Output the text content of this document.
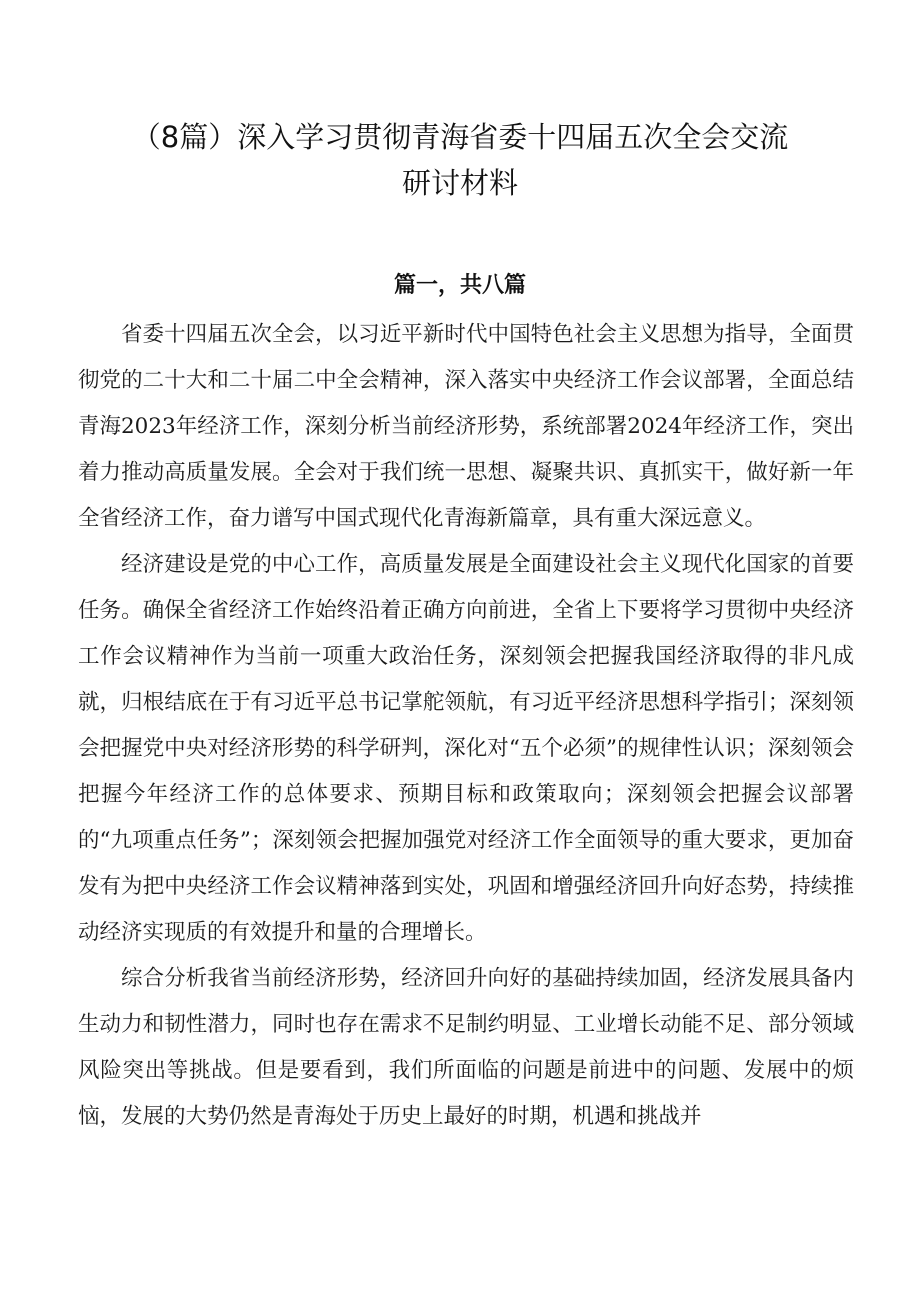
（8篇）深入学习贯彻青海省委十四届五次全会交流
研讨材料
篇一，共八篇

省委十四届五次全会，以习近平新时代中国特色社会主义思想为指导，全面贯彻党的二十大和二十届二中全会精神，深入落实中央经济工作会议部署，全面总结青海2023年经济工作，深刻分析当前经济形势，系统部署2024年经济工作，突出着力推动高质量发展。全会对于我们统一思想、凝聚共识、真抓实干，做好新一年全省经济工作，奋力谱写中国式现代化青海新篇章，具有重大深远意义。

经济建设是党的中心工作，高质量发展是全面建设社会主义现代化国家的首要任务。确保全省经济工作始终沿着正确方向前进，全省上下要将学习贯彻中央经济工作会议精神作为当前一项重大政治任务，深刻领会把握我国经济取得的非凡成就，归根结底在于有习近平总书记掌舵领航，有习近平经济思想科学指引；深刻领会把握党中央对经济形势的科学研判，深化对“五个必须”的规律性认识；深刻领会把握今年经济工作的总体要求、预期目标和政策取向；深刻领会把握会议部署的“九项重点任务”；深刻领会把握加强党对经济工作全面领导的重大要求，更加奋发有为把中央经济工作会议精神落到实处，巩固和增强经济回升向好态势，持续推动经济实现质的有效提升和量的合理增长。

综合分析我省当前经济形势，经济回升向好的基础持续加固，经济发展具备内生动力和韧性潜力，同时也存在需求不足制约明显、工业增长动能不足、部分领域风险突出等挑战。但是要看到，我们所面临的问题是前进中的问题、发展中的烦恼，发展的大势仍然是青海处于历史上最好的时期，机遇和挑战并
